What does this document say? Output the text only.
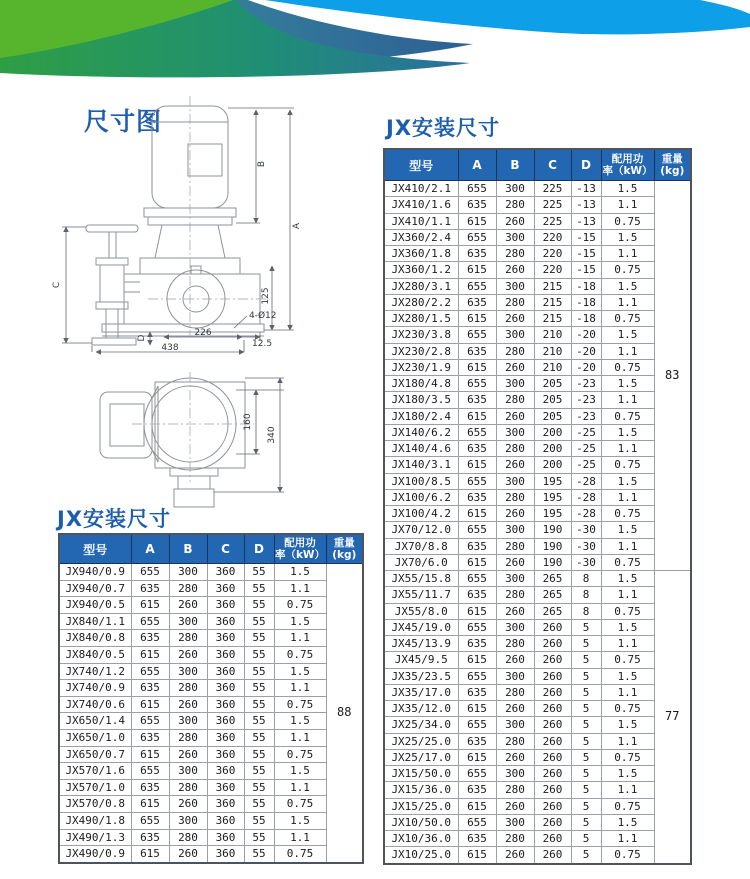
尺寸图	JX安装尺寸
JX安装尺寸
B
A
125
C
D	226
12.5
438
4-Ø12
160
340
型号	A	B	C	D	配用功
率（kW）	重量
(kg)

JX410/2.1	655	300	225	-13	1.5	83
JX410/1.6	635	280	225	-13	1.1	
JX410/1.1	615	260	225	-13	0.75	
JX360/2.4	655	300	220	-15	1.5	
JX360/1.8	635	280	220	-15	1.1	
JX360/1.2	615	260	220	-15	0.75	
JX280/3.1	655	300	215	-18	1.5	
JX280/2.2	635	280	215	-18	1.1	
JX280/1.5	615	260	215	-18	0.75	
JX230/3.8	655	300	210	-20	1.5	
JX230/2.8	635	280	210	-20	1.1	
JX230/1.9	615	260	210	-20	0.75	
JX180/4.8	655	300	205	-23	1.5	
JX180/3.5	635	280	205	-23	1.1	
JX180/2.4	615	260	205	-23	0.75	
JX140/6.2	655	300	200	-25	1.5	
JX140/4.6	635	280	200	-25	1.1	
JX140/3.1	615	260	200	-25	0.75	
JX100/8.5	655	300	195	-28	1.5	
JX100/6.2	635	280	195	-28	1.1	
JX100/4.2	615	260	195	-28	0.75	
JX70/12.0	655	300	190	-30	1.5	
JX70/8.8	635	280	190	-30	1.1	
JX70/6.0	615	260	190	-30	0.75	
JX55/15.8	655	300	265	8	1.5	77
JX55/11.7	635	280	265	8	1.1	
JX55/8.0	615	260	265	8	0.75	
JX45/19.0	655	300	260	5	1.5	
JX45/13.9	635	280	260	5	1.1	
JX45/9.5	615	260	260	5	0.75	
JX35/23.5	655	300	260	5	1.5	
JX35/17.0	635	280	260	5	1.1	
JX35/12.0	615	260	260	5	0.75	
JX25/34.0	655	300	260	5	1.5	
JX25/25.0	635	280	260	5	1.1	
JX25/17.0	615	260	260	5	0.75	
JX15/50.0	655	300	260	5	1.5	
JX15/36.0	635	280	260	5	1.1	
JX15/25.0	615	260	260	5	0.75	
JX10/50.0	655	300	260	5	1.5	
JX10/36.0	635	280	260	5	1.1	
JX10/25.0	615	260	260	5	0.75	
型号	A	B	C	D	配用功
率（kW）	重量
(kg)

JX940/0.9	655	300	360	55	1.5	88
JX940/0.7	635	280	360	55	1.1	
JX940/0.5	615	260	360	55	0.75	
JX840/1.1	655	300	360	55	1.5	
JX840/0.8	635	280	360	55	1.1	
JX840/0.5	615	260	360	55	0.75	
JX740/1.2	655	300	360	55	1.5	
JX740/0.9	635	280	360	55	1.1	
JX740/0.6	615	260	360	55	0.75	
JX650/1.4	655	300	360	55	1.5	
JX650/1.0	635	280	360	55	1.1	
JX650/0.7	615	260	360	55	0.75	
JX570/1.6	655	300	360	55	1.5	
JX570/1.0	635	280	360	55	1.1	
JX570/0.8	615	260	360	55	0.75	
JX490/1.8	655	300	360	55	1.5	
JX490/1.3	635	280	360	55	1.1	
JX490/0.9	615	260	360	55	0.75	
